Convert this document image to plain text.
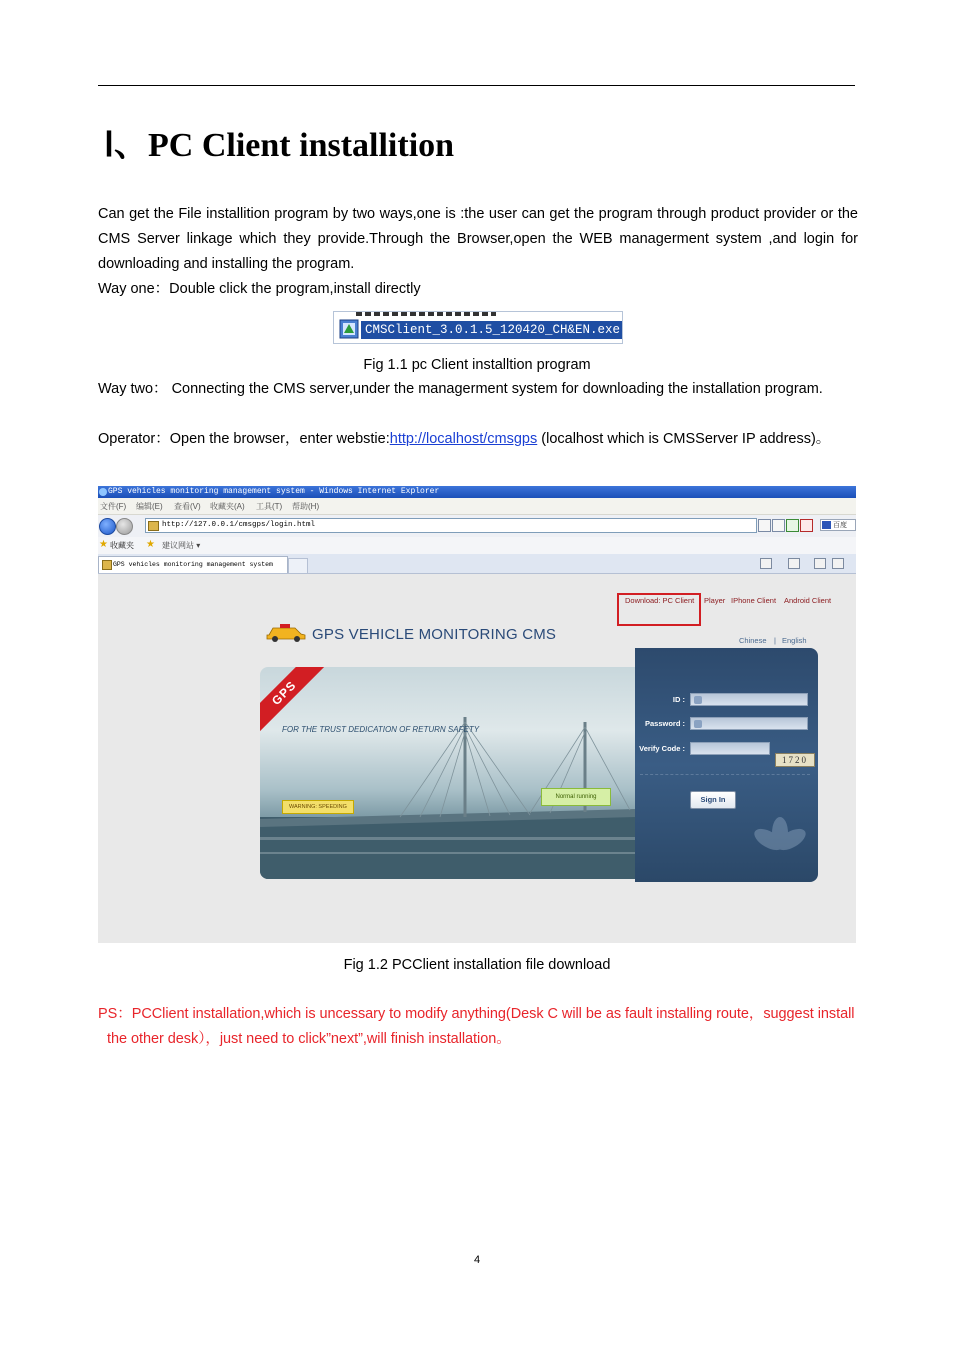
Ⅰ、PC Client installition
Can get the File installition program by two ways,one is :the user can get the program through product provider or the CMS Server linkage which they provide.Through the Browser,open the WEB managerment system ,and login for downloading and installing the program.
Way one：Double click the program,install directly
CMSClient_3.0.1.5_120420_CH&EN.exe
Fig 1.1 pc Client installtion program
Way two： Connecting the CMS server,under the managerment system for downloading the installation program.
Operator：Open the browser，enter webstie:http://localhost/cmsgps (localhost which is CMSServer IP address)。
GPS vehicles monitoring management system - Windows Internet Explorer
文件(F) 编辑(E) 查看(V) 收藏夹(A) 工具(T) 帮助(H)
http://127.0.0.1/cmsgps/login.html	百度
★ 收藏夹 ★ 建议网站 ▾
GPS vehicles monitoring management system
Download: PC Client Player IPhone Client Android Client
GPS VEHICLE MONITORING CMS	Chinese | English
GPS
FOR THE TRUST DEDICATION OF RETURN SAFETY
WARNING: SPEEDING
Normal running
ID :
Password :
Verify Code :
1720
Sign In
Fig 1.2 PCClient installation file download
PS：PCClient installation,which is uncessary to modify anything(Desk C will be as fault installing route，suggest install the other desk），just need to click”next”,will finish installation。
4
